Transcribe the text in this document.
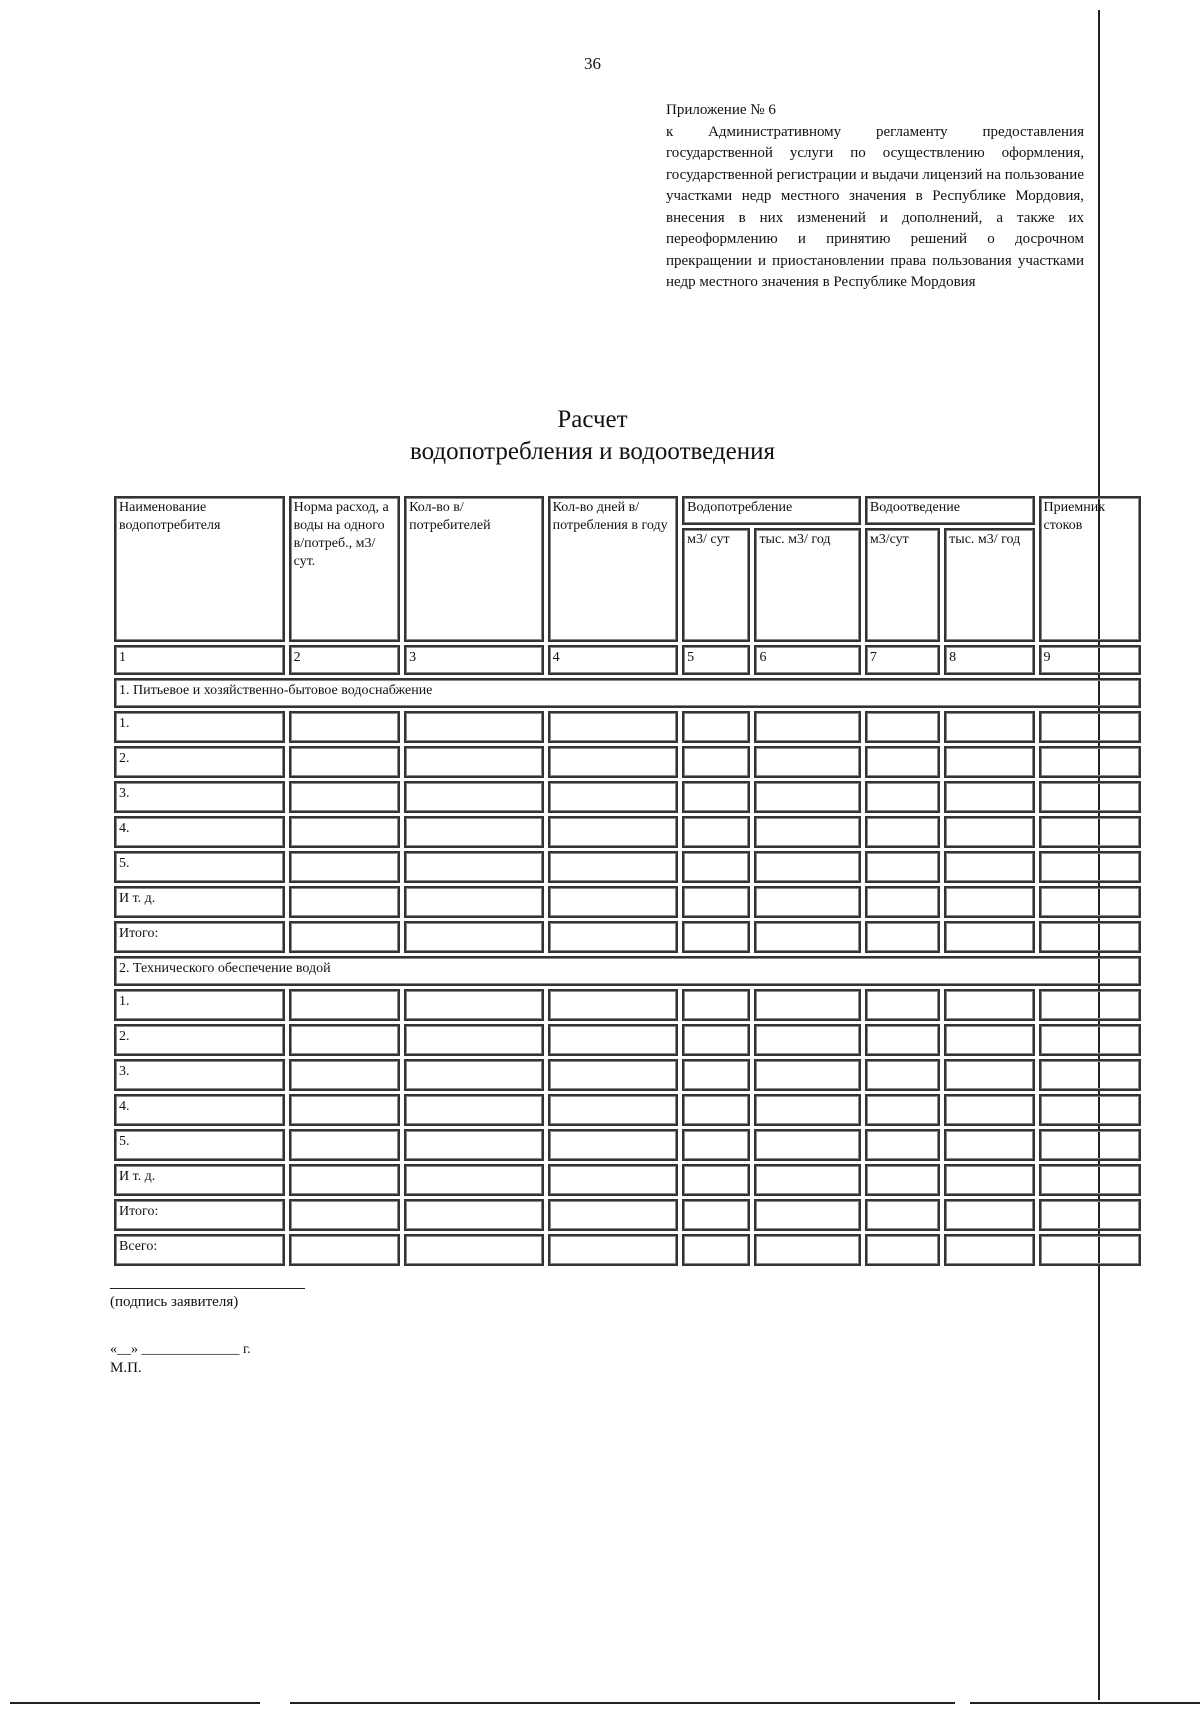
36
Приложение № 6
к Административному регламенту предоставления государственной услуги по осуществлению оформления, государственной регистрации и выдачи лицензий на пользование участками недр местного значения в Республике Мордовия, внесения в них изменений и дополнений, а также их переоформлению и принятию решений о досрочном прекращении и приостановлении права пользования участками недр местного значения в Республике Мордовия
Расчет
водопотребления и водоотведения
Наименование водопотребителя	Норма расход, а воды на одного в/потреб., м3/сут.	Кол-во в/потребителей	Кол-во дней в/потребления в году	Водопотребление		Водоотведение		Приемник стоков
				м3/ сут	тыс. м3/ год	м3/сут	тыс. м3/ год	
1	2	3	4	5	6	7	8	9
1. Питьевое и хозяйственно-бытовое водоснабжение								
1.								
2.								
3.								
4.								
5.								
И т. д.								
Итого:								
2. Технического обеспечение водой								
1.								
2.								
3.								
4.								
5.								
И т. д.								
Итого:								
Всего:								
(подпись заявителя)
«__» ______________ г.
М.П.
